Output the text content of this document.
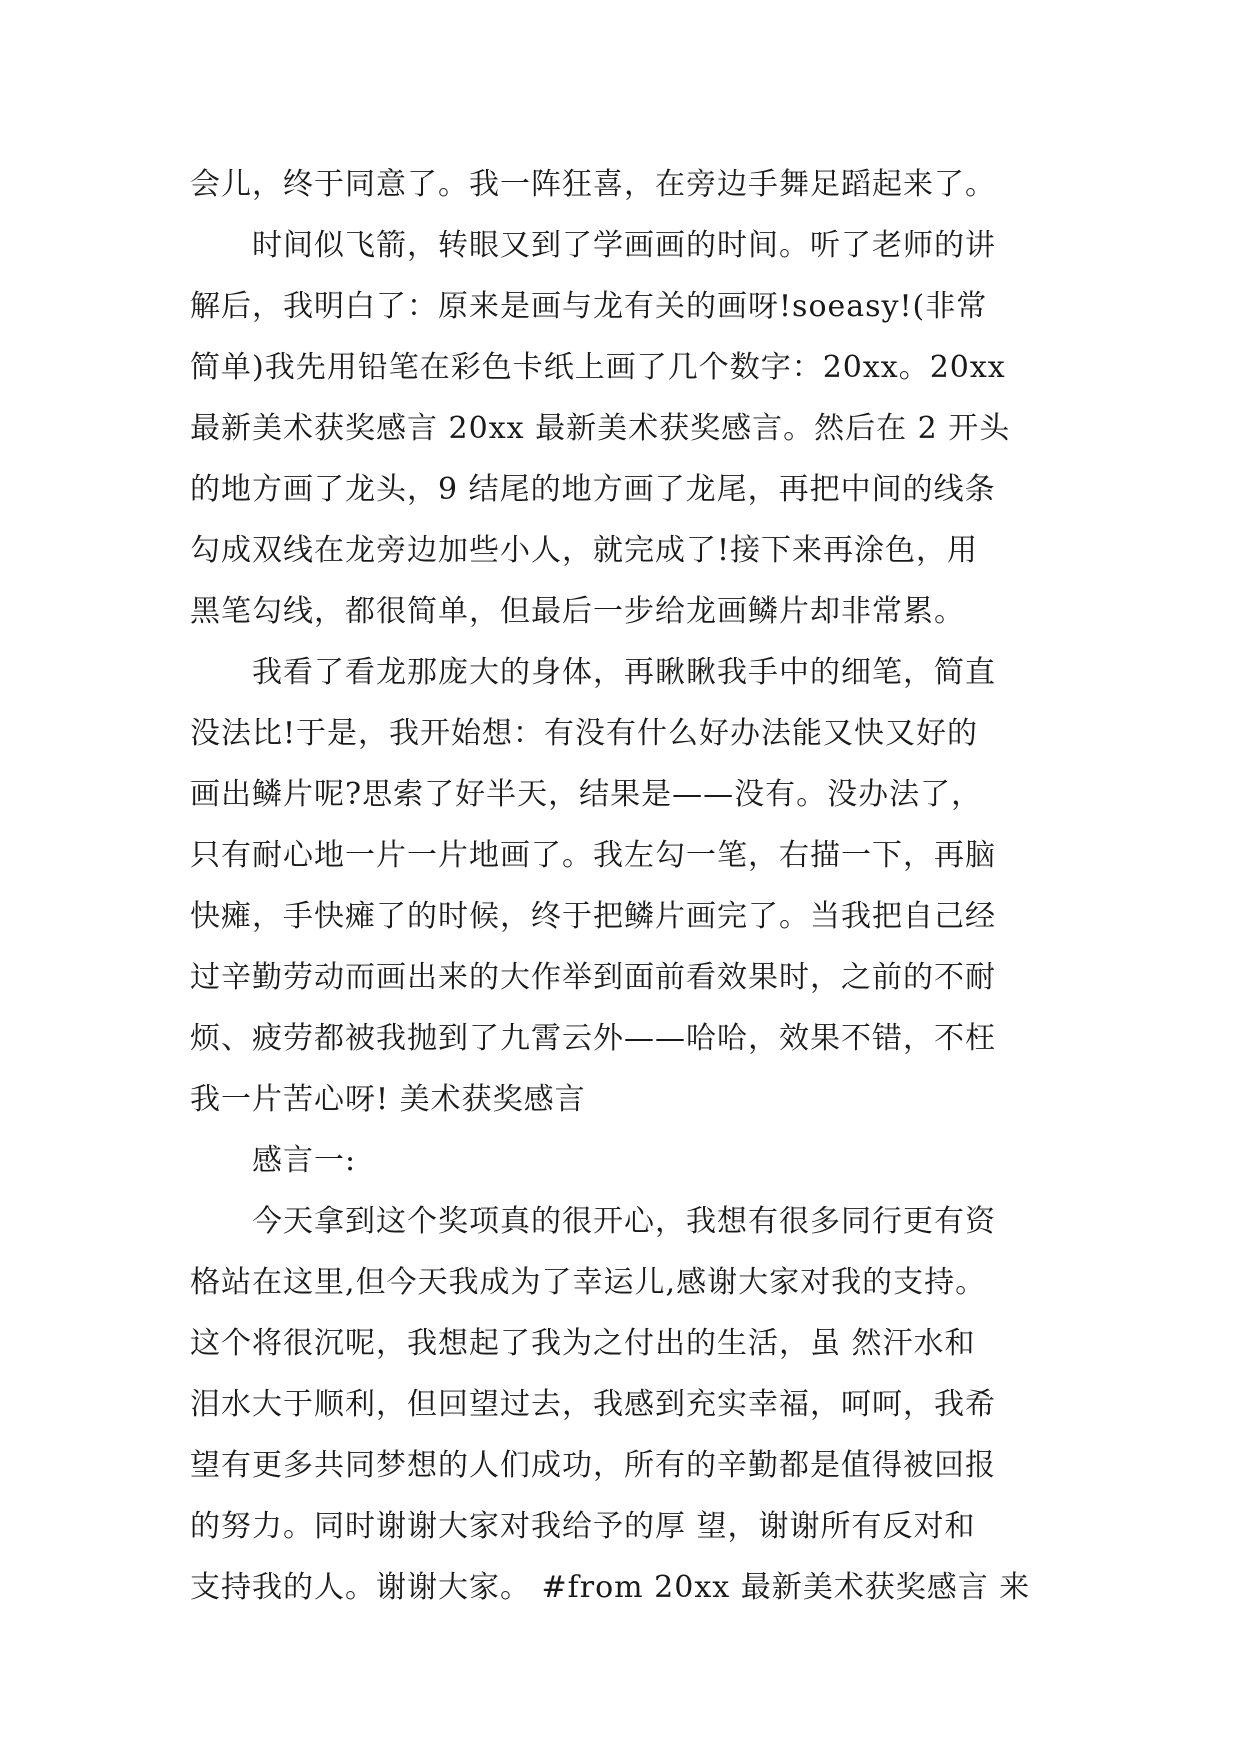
会儿，终于同意了。我一阵狂喜，在旁边手舞足蹈起来了。
时间似飞箭，转眼又到了学画画的时间。听了老师的讲
解后，我明白了：原来是画与龙有关的画呀!soeasy!(非常
简单)我先用铅笔在彩色卡纸上画了几个数字：20xx。20xx
最新美术获奖感言 20xx 最新美术获奖感言。然后在 2 开头
的地方画了龙头，9 结尾的地方画了龙尾，再把中间的线条
勾成双线在龙旁边加些小人，就完成了!接下来再涂色，用
黑笔勾线，都很简单，但最后一步给龙画鳞片却非常累。
我看了看龙那庞大的身体，再瞅瞅我手中的细笔，简直
没法比!于是，我开始想：有没有什么好办法能又快又好的
画出鳞片呢?思索了好半天，结果是——没有。没办法了，
只有耐心地一片一片地画了。我左勾一笔，右描一下，再脑
快瘫，手快瘫了的时候，终于把鳞片画完了。当我把自己经
过辛勤劳动而画出来的大作举到面前看效果时，之前的不耐
烦、疲劳都被我抛到了九霄云外——哈哈，效果不错，不枉
我一片苦心呀! 美术获奖感言
感言一:
今天拿到这个奖项真的很开心，我想有很多同行更有资
格站在这里,但今天我成为了幸运儿,感谢大家对我的支持。
这个将很沉呢，我想起了我为之付出的生活，虽 然汗水和
泪水大于顺利，但回望过去，我感到充实幸福，呵呵，我希
望有更多共同梦想的人们成功，所有的辛勤都是值得被回报
的努力。同时谢谢大家对我给予的厚 望，谢谢所有反对和
支持我的人。谢谢大家。 #from 20xx 最新美术获奖感言 来
